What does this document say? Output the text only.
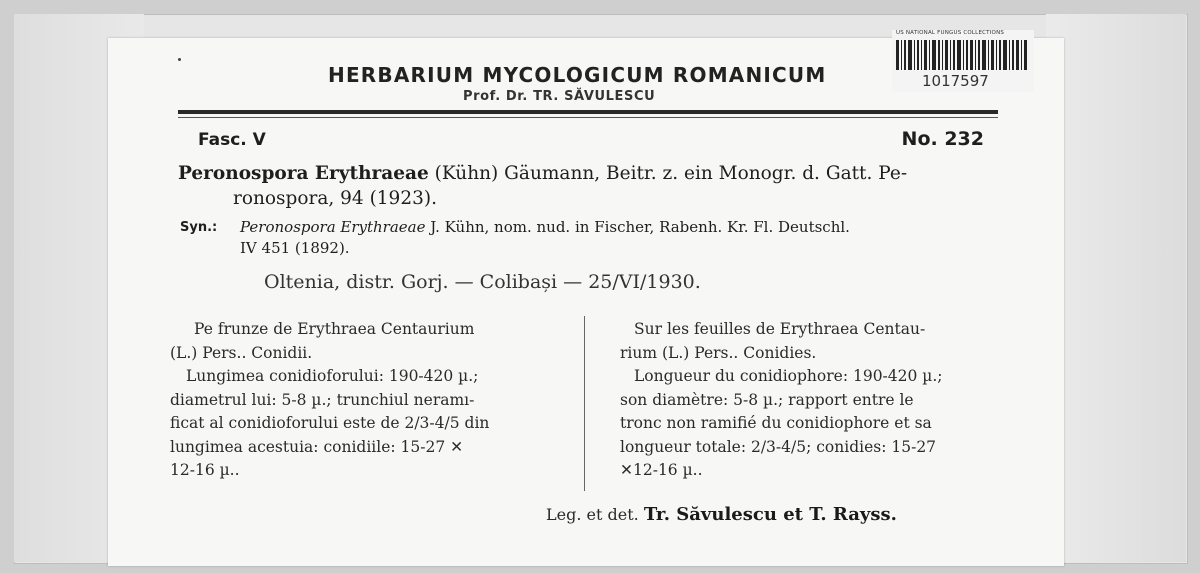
HERBARIUM MYCOLOGICUM ROMANICUM
Prof. Dr. TR. SĂVULESCU
Fasc. V	No. 232
Peronospora Erythraeae (Kühn) Gäumann, Beitr. z. ein Monogr. d. Gatt. Pe-
ronospora, 94 (1923).
Syn.: Peronospora Erythraeae J. Kühn, nom. nud. in Fischer, Rabenh. Kr. Fl. Deutschl.
IV 451 (1892).
Oltenia, distr. Gorj. — Colibași — 25/VI/1930.
Pe frunze de Erythraea Centaurium
(L.) Pers.. Conidii.
Lungimea conidioforului: 190-420 µ.;
diametrul lui: 5-8 µ.; trunchiul neramı-
ficat al conidioforului este de 2/3-4/5 din
lungimea acestuia: conidiile: 15-27 ✕
12-16 µ..
Sur les feuilles de Erythraea Centau-
rium (L.) Pers.. Conidies.
Longueur du conidiophore: 190-420 µ.;
son diamètre: 5-8 µ.; rapport entre le
tronc non ramifié du conidiophore et sa
longueur totale: 2/3-4/5; conidies: 15-27
✕12-16 µ..
Leg. et det. Tr. Săvulescu et T. Rayss.
US NATIONAL FUNGUS COLLECTIONS
1017597
